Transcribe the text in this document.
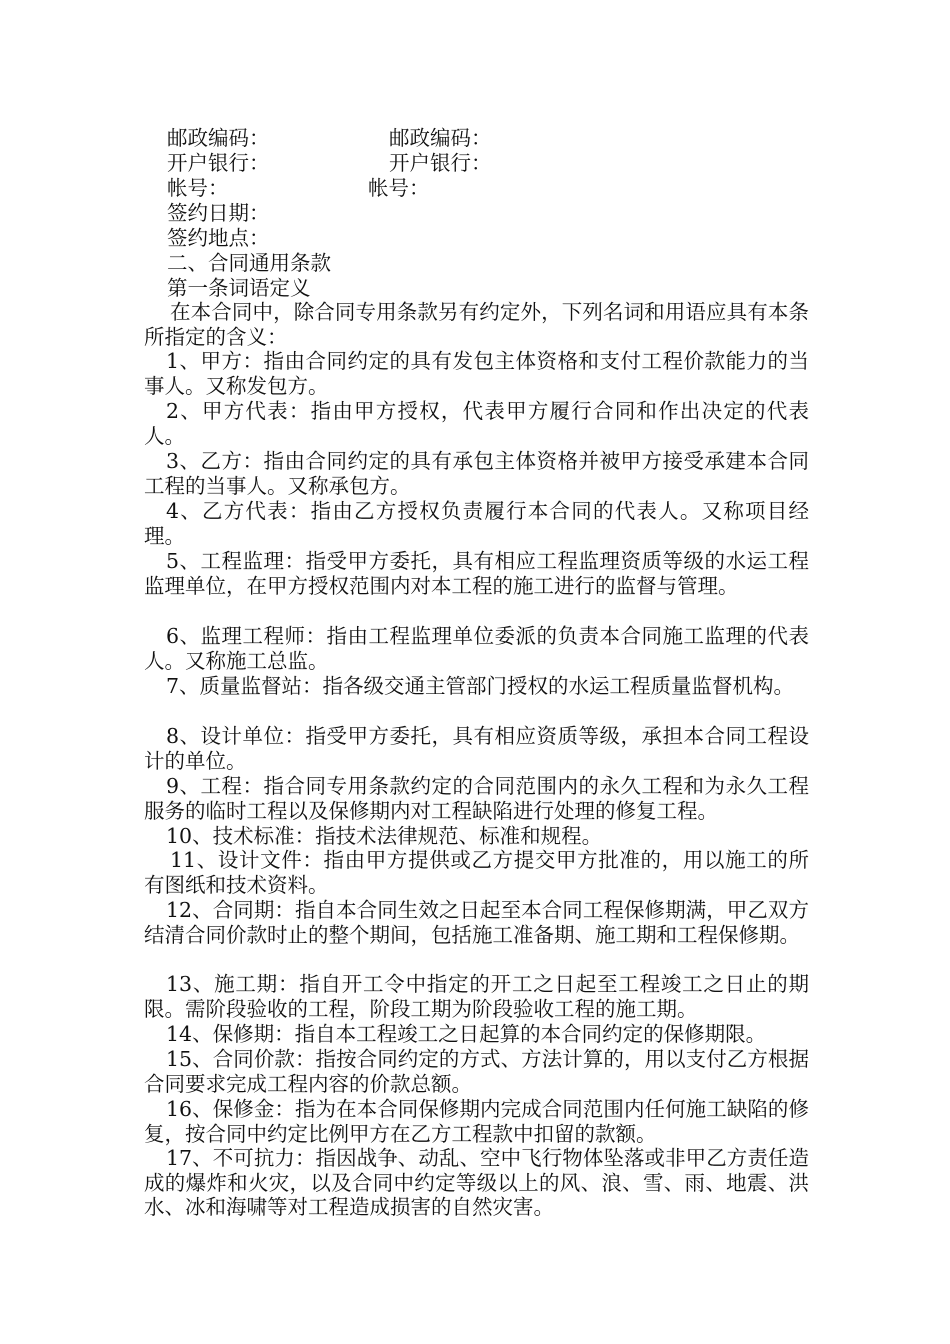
邮政编码：	邮政编码：
开户银行：	开户银行：
帐号：	帐号：
签约日期：
签约地点：
二、合同通用条款
第一条词语定义
在本合同中，除合同专用条款另有约定外，下列名词和用语应具有本条所指定的含义：
1、甲方：指由合同约定的具有发包主体资格和支付工程价款能力的当事人。又称发包方。
2、甲方代表：指由甲方授权，代表甲方履行合同和作出决定的代表人。
3、乙方：指由合同约定的具有承包主体资格并被甲方接受承建本合同工程的当事人。又称承包方。
4、乙方代表：指由乙方授权负责履行本合同的代表人。又称项目经理。
5、工程监理：指受甲方委托，具有相应工程监理资质等级的水运工程监理单位，在甲方授权范围内对本工程的施工进行的监督与管理。
6、监理工程师：指由工程监理单位委派的负责本合同施工监理的代表人。又称施工总监。
7、质量监督站：指各级交通主管部门授权的水运工程质量监督机构。
8、设计单位：指受甲方委托，具有相应资质等级，承担本合同工程设计的单位。
9、工程：指合同专用条款约定的合同范围内的永久工程和为永久工程服务的临时工程以及保修期内对工程缺陷进行处理的修复工程。
10、技术标准：指技术法律规范、标准和规程。
11、设计文件：指由甲方提供或乙方提交甲方批准的，用以施工的所有图纸和技术资料。
12、合同期：指自本合同生效之日起至本合同工程保修期满，甲乙双方结清合同价款时止的整个期间，包括施工准备期、施工期和工程保修期。
13、施工期：指自开工令中指定的开工之日起至工程竣工之日止的期限。需阶段验收的工程，阶段工期为阶段验收工程的施工期。
14、保修期：指自本工程竣工之日起算的本合同约定的保修期限。
15、合同价款：指按合同约定的方式、方法计算的，用以支付乙方根据合同要求完成工程内容的价款总额。
16、保修金：指为在本合同保修期内完成合同范围内任何施工缺陷的修复，按合同中约定比例甲方在乙方工程款中扣留的款额。
17、不可抗力：指因战争、动乱、空中飞行物体坠落或非甲乙方责任造成的爆炸和火灾，以及合同中约定等级以上的风、浪、雪、雨、地震、洪水、冰和海啸等对工程造成损害的自然灾害。
